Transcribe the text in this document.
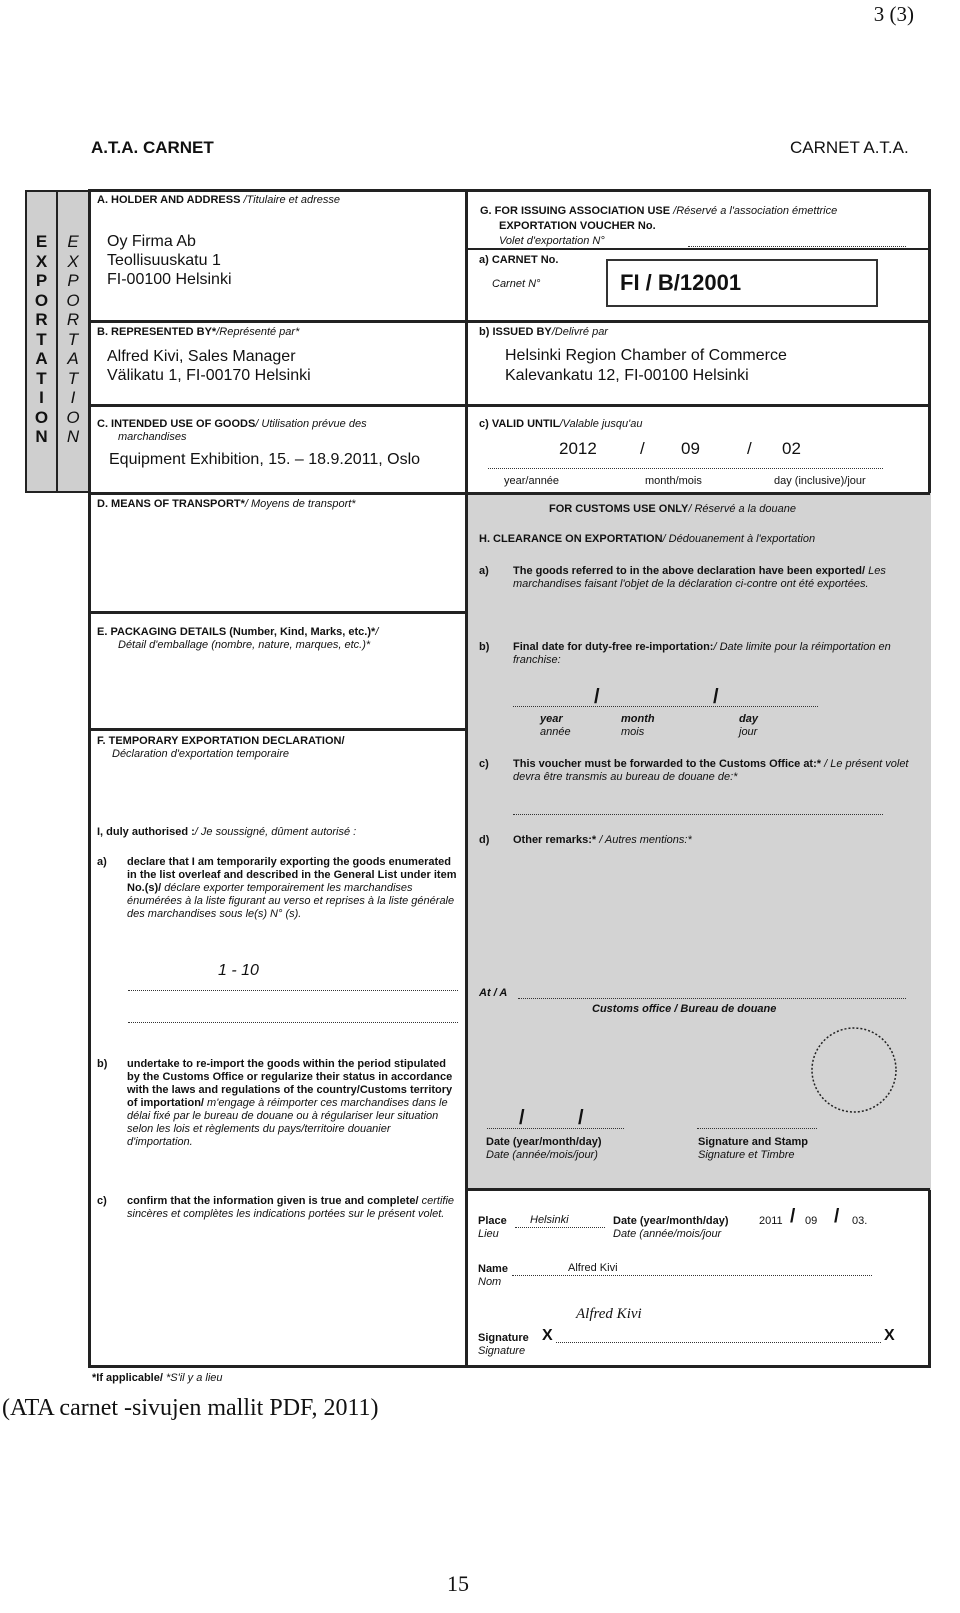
3 (3)
A.T.A. CARNET	CARNET A.T.A.
E
X
P
O
R
T
A
T
I
O
N
E
X
P
O
R
T
A
T
I
O
N
A. HOLDER AND ADDRESS /Titulaire et adresse
Oy Firma Ab
Teollisuuskatu 1
FI-00100 Helsinki
B. REPRESENTED BY*/Représenté par*
Alfred Kivi, Sales Manager
Välikatu 1, FI-00170 Helsinki
C. INTENDED USE OF GOODS/ Utilisation prévue des
marchandises
Equipment Exhibition, 15. – 18.9.2011, Oslo
D. MEANS OF TRANSPORT*/ Moyens de transport*
E. PACKAGING DETAILS (Number, Kind, Marks, etc.)*/
Détail d'emballage (nombre, nature, marques, etc.)*
F. TEMPORARY EXPORTATION DECLARATION/
Déclaration d'exportation temporaire
I, duly authorised :/ Je soussigné, dûment autorisé :
a) declare that I am temporarily exporting the goods enumerated in the list overleaf and described in the General List under item No.(s)/ déclare exporter temporairement les marchandises énumérées à la liste figurant au verso et reprises à la liste générale des marchandises sous le(s) N° (s).
1 - 10
b) undertake to re-import the goods within the period stipulated by the Customs Office or regularize their status in accordance with the laws and regulations of the country/Customs territory of importation/ m'engage à réimporter ces marchandises dans le délai fixé par le bureau de douane ou à régulariser leur situation selon les lois et règlements du pays/territoire douanier d'importation.
c) confirm that the information given is true and complete/ certifie sincères et complètes les indications portées sur le présent volet.
*If applicable/ *S'il y a lieu
G. FOR ISSUING ASSOCIATION USE /Réservé a l'association émettrice
EXPORTATION VOUCHER No.
Volet d'exportation N°
a) CARNET No.
Carnet N°	FI / B/12001
b) ISSUED BY/Delivré par
Helsinki Region Chamber of Commerce
Kalevankatu 12, FI-00100 Helsinki
c) VALID UNTIL/Valable jusqu'au
2012	/ 09	/ 02
year/année	month/mois	day (inclusive)/jour
FOR CUSTOMS USE ONLY/ Réservé a la douane
H. CLEARANCE ON EXPORTATION/ Dédouanement à l'exportation
a) The goods referred to in the above declaration have been exported/ Les marchandises faisant l'objet de la déclaration ci-contre ont été exportées.
b) Final date for duty-free re-importation:/ Date limite pour la réimportation en franchise:
/	/
year
année
month
mois
day
jour
c) This voucher must be forwarded to the Customs Office at:* / Le présent volet devra être transmis au bureau de douane de:*
d) Other remarks:* / Autres mentions:*
At / A
Customs office / Bureau de douane
/	/
Date (year/month/day)
Date (année/mois/jour)
Signature and Stamp
Signature et Timbre
Place
Lieu
Helsinki	Date (year/month/day)
Date (année/mois/jour
2011 / 09 / 03.
Name
Nom
Alfred Kivi
Alfred Kivi
Signature
Signature
X	X
(ATA carnet -sivujen mallit PDF, 2011)
15
